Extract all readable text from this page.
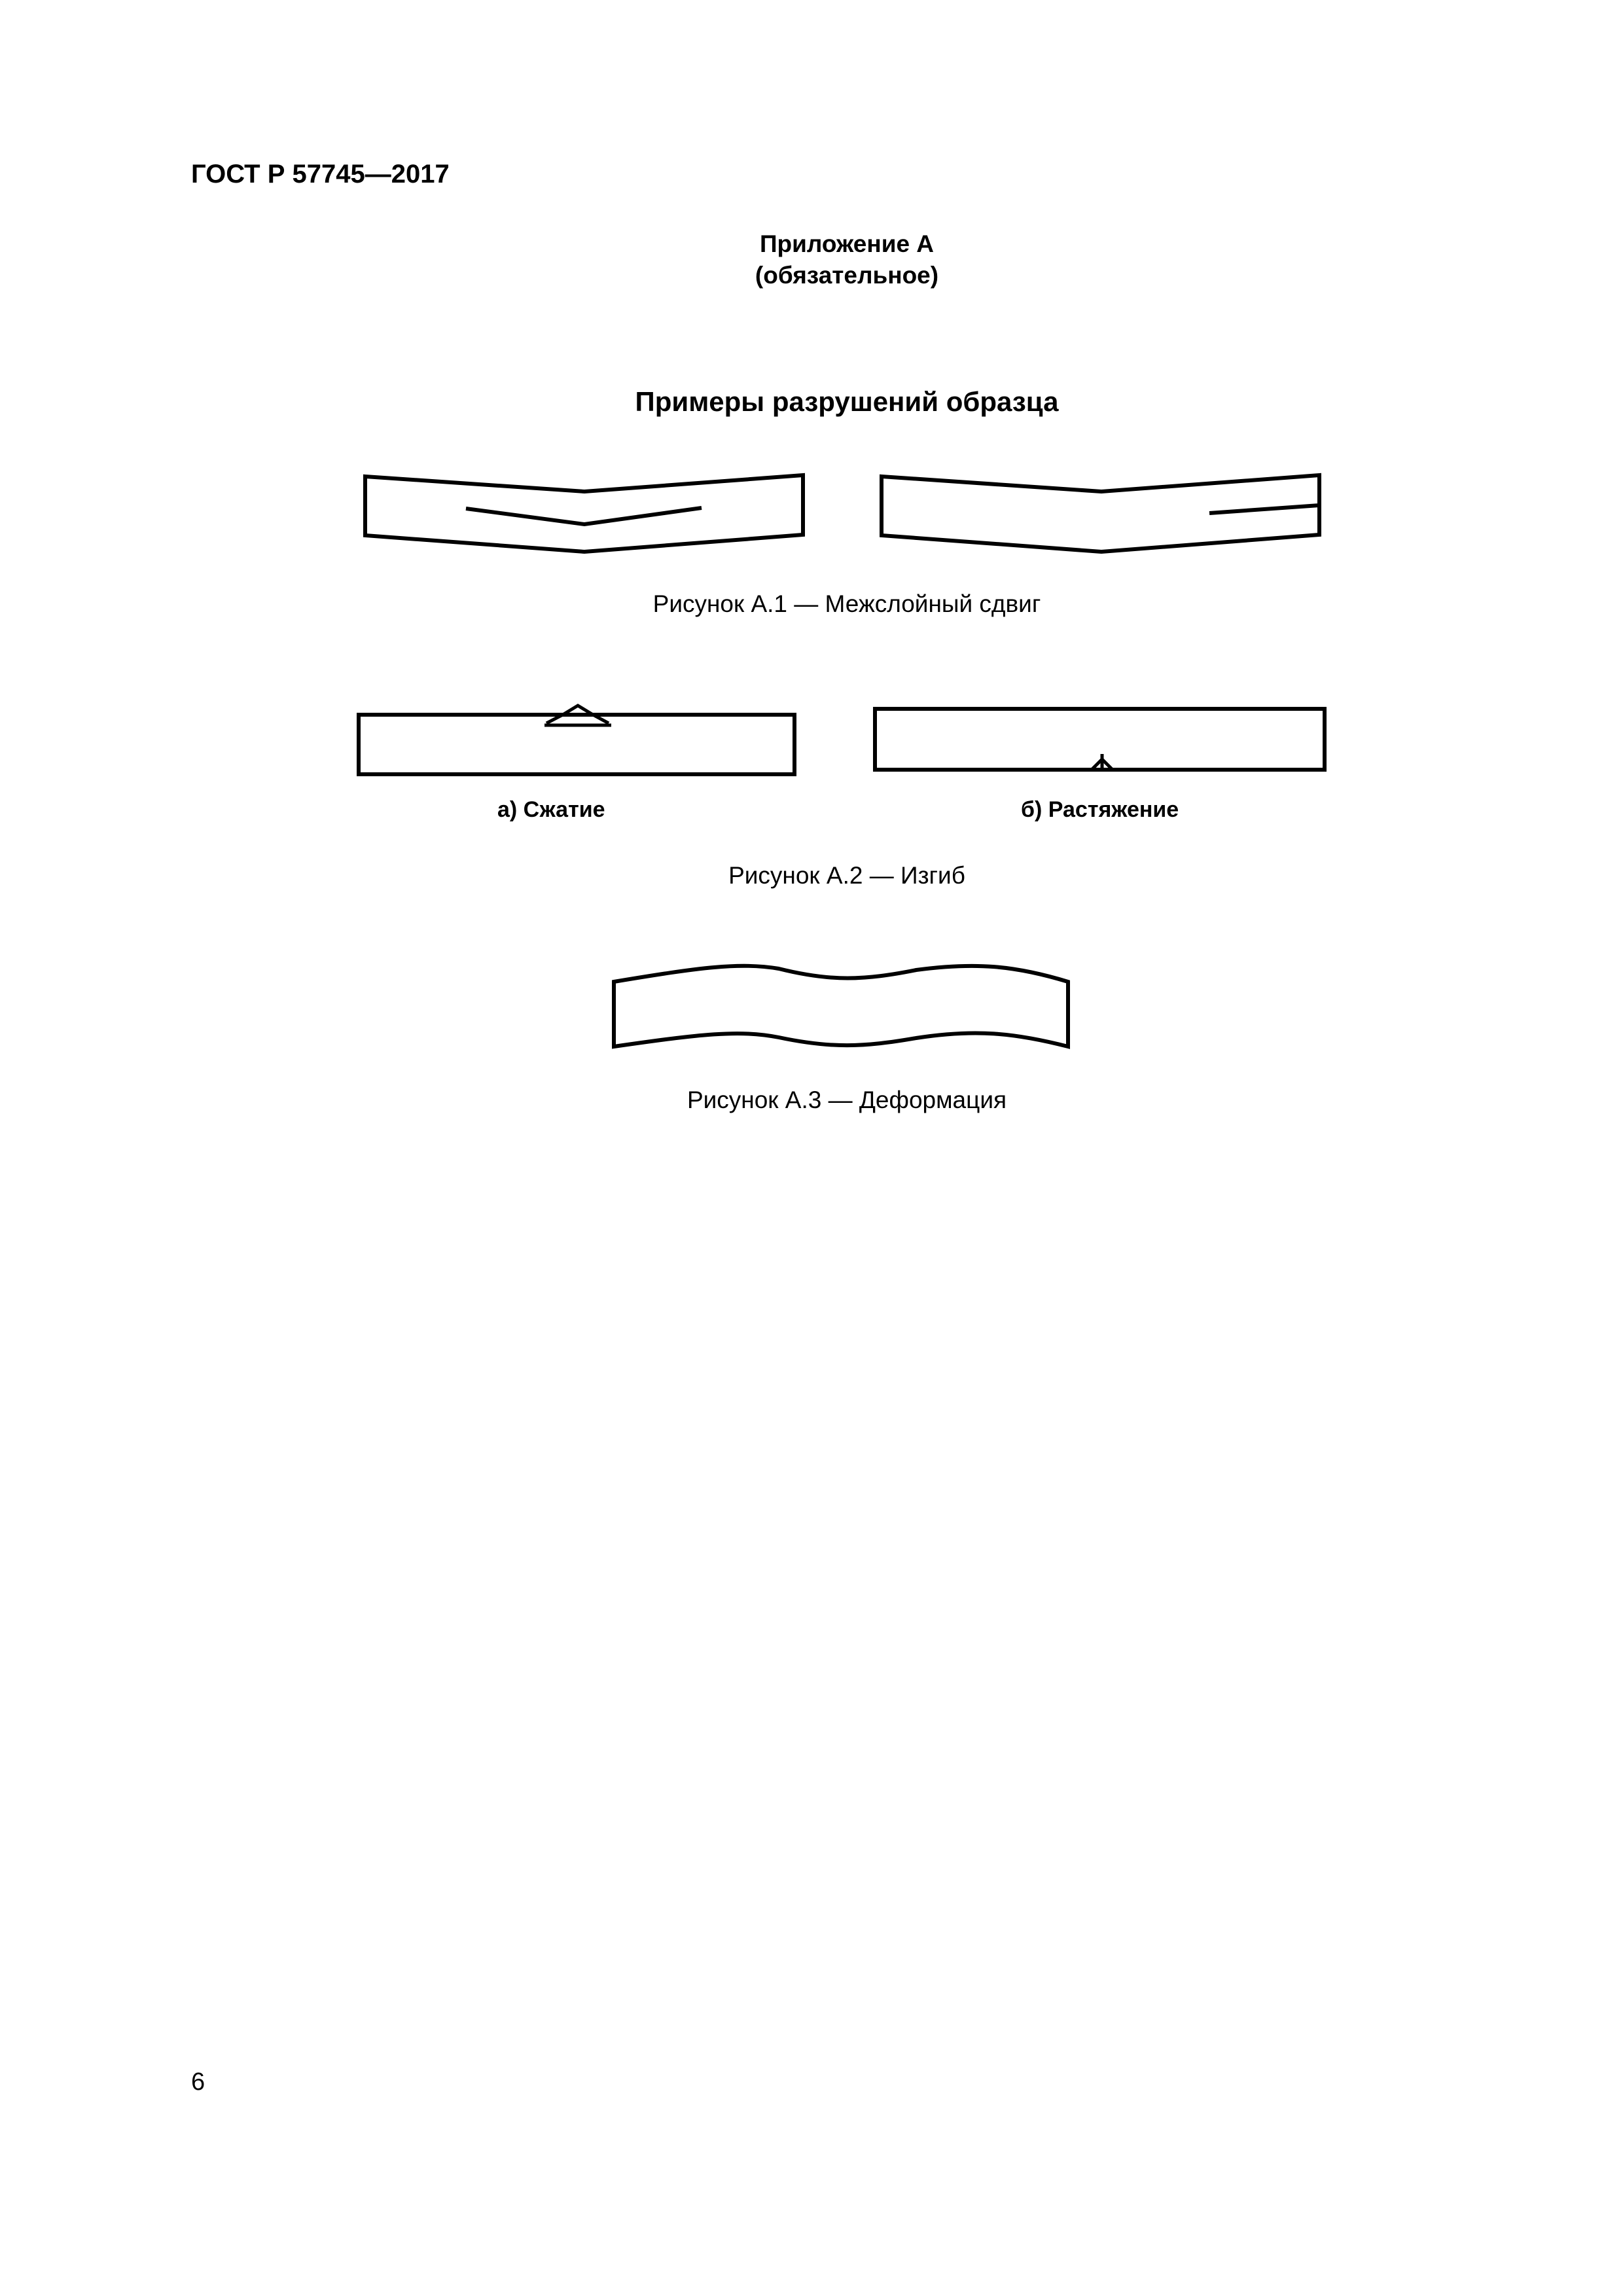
ГОСТ Р 57745—2017
Приложение А
(обязательное)
Примеры разрушений образца
Рисунок А.1 — Межслойный сдвиг
а) Сжатие	б) Растяжение
Рисунок А.2 — Изгиб
Рисунок А.3 — Деформация
6
